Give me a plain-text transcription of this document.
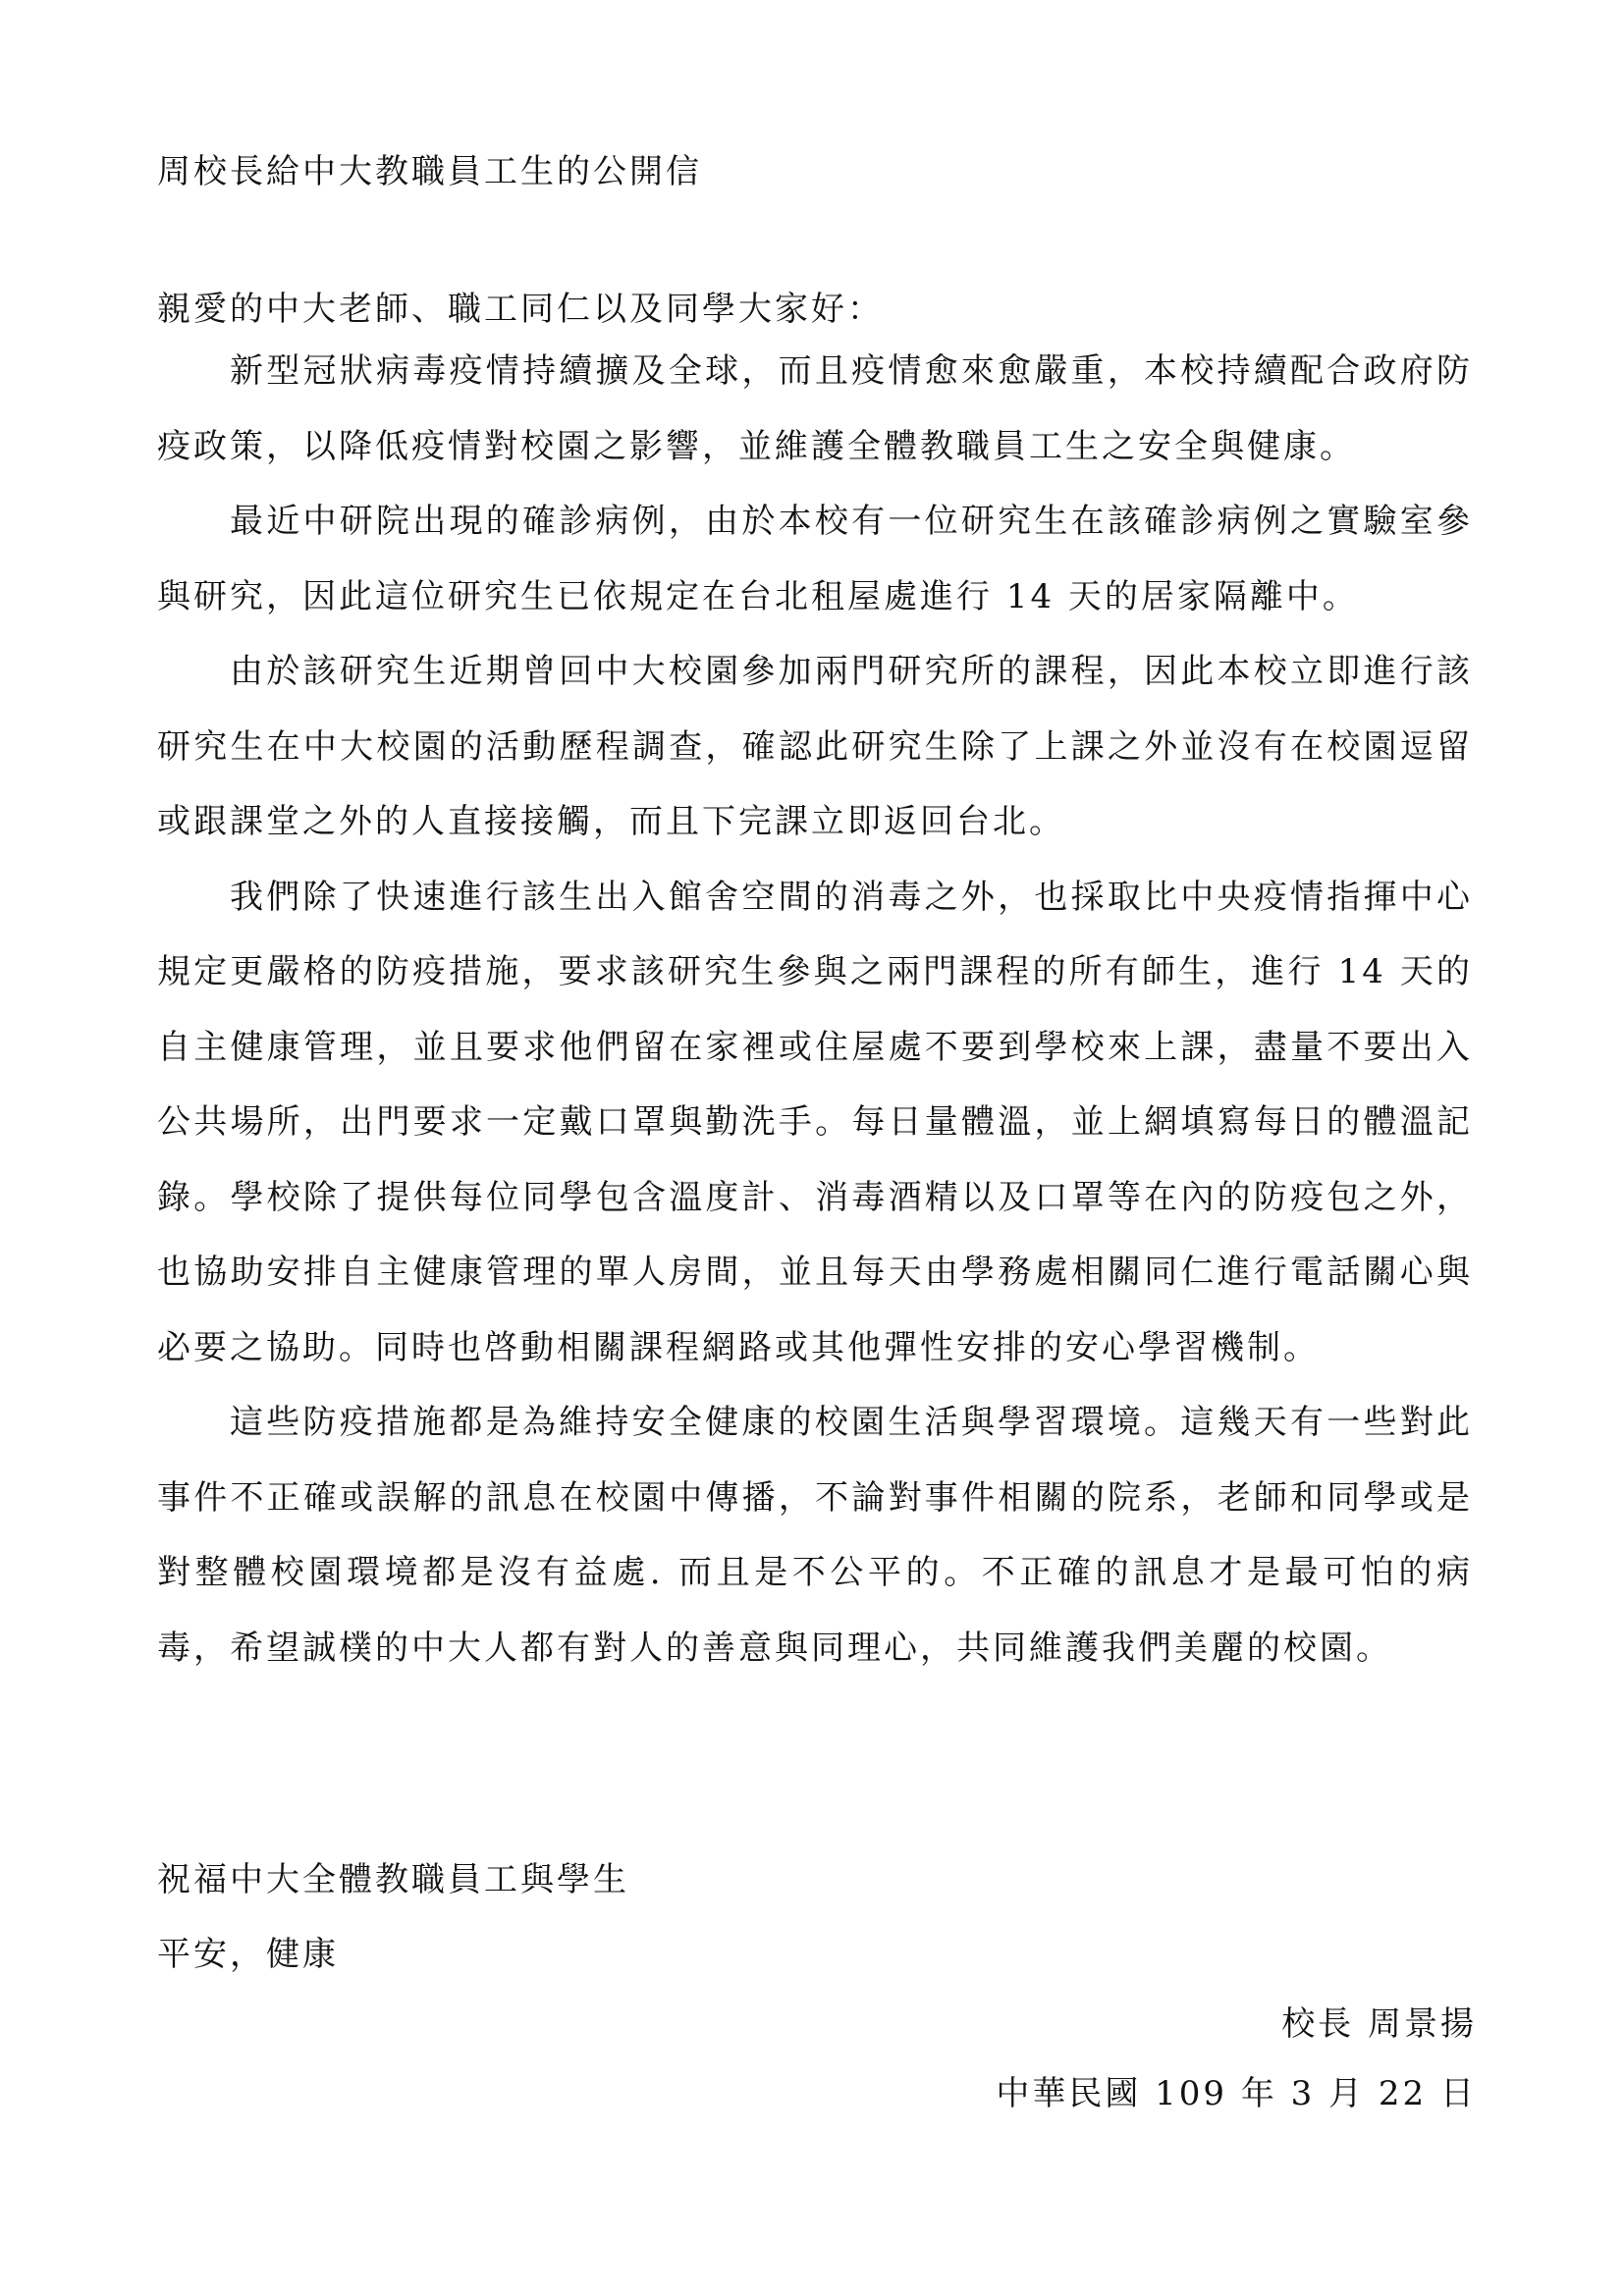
周校長給中大教職員工生的公開信
親愛的中大老師、職工同仁以及同學大家好：

新型冠狀病毒疫情持續擴及全球，而且疫情愈來愈嚴重，本校持續配合政府防疫政策，以降低疫情對校園之影響，並維護全體教職員工生之安全與健康。

最近中研院出現的確診病例，由於本校有一位研究生在該確診病例之實驗室參與研究，因此這位研究生已依規定在台北租屋處進行 14 天的居家隔離中。

由於該研究生近期曾回中大校園參加兩門研究所的課程，因此本校立即進行該研究生在中大校園的活動歷程調查，確認此研究生除了上課之外並沒有在校園逗留或跟課堂之外的人直接接觸，而且下完課立即返回台北。

我們除了快速進行該生出入館舍空間的消毒之外，也採取比中央疫情指揮中心規定更嚴格的防疫措施，要求該研究生參與之兩門課程的所有師生，進行 14 天的自主健康管理，並且要求他們留在家裡或住屋處不要到學校來上課，盡量不要出入公共場所，出門要求一定戴口罩與勤洗手。每日量體溫，並上網填寫每日的體溫記錄。學校除了提供每位同學包含溫度計、消毒酒精以及口罩等在內的防疫包之外，也協助安排自主健康管理的單人房間，並且每天由學務處相關同仁進行電話關心與必要之協助。同時也啓動相關課程網路或其他彈性安排的安心學習機制。

這些防疫措施都是為維持安全健康的校園生活與學習環境。這幾天有一些對此事件不正確或誤解的訊息在校園中傳播，不論對事件相關的院系，老師和同學或是對整體校園環境都是沒有益處. 而且是不公平的。不正確的訊息才是最可怕的病毒，希望誠樸的中大人都有對人的善意與同理心，共同維護我們美麗的校園。

祝福中大全體教職員工與學生
平安，健康
校長 周景揚
中華民國 109 年 3 月 22 日
